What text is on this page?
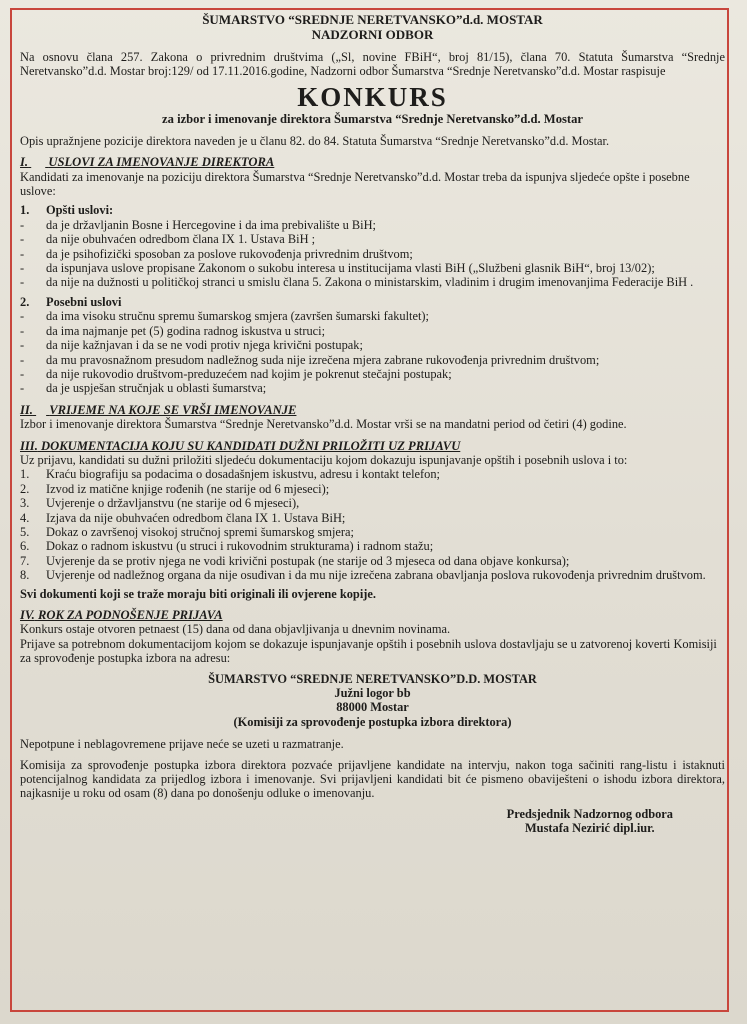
ŠUMARSTVO “SREDNJE NERETVANSKO”d.d. MOSTAR

NADZORNI ODBOR

Na osnovu člana 257. Zakona o privrednim društvima („Sl, novine FBiH“, broj 81/15), člana 70. Statuta Šumarstva “Srednje Neretvansko”d.d. Mostar broj:129/ od 17.11.2016.godine, Nadzorni odbor Šumarstva “Srednje Neretvansko”d.d. Mostar raspisuje

KONKURS

za izbor i imenovanje direktora Šumarstva “Srednje Neretvansko”d.d. Mostar

Opis upražnjene pozicije direktora naveden je u članu 82. do 84. Statuta Šumarstva “Srednje Neretvansko”d.d. Mostar.

I. USLOVI ZA IMENOVANJE DIREKTORA

Kandidati za imenovanje na poziciju direktora Šumarstva “Srednje Neretvansko”d.d. Mostar treba da ispunjva sljedeće opšte i posebne uslove:

1. Opšti uslovi:
-	da je državljanin Bosne i Hercegovine i da ima prebivalište u BiH;
-	da nije obuhvaćen odredbom člana IX 1. Ustava BiH ;
-	da je psihofizički sposoban za poslove rukovođenja privrednim društvom;
-	da ispunjava uslove propisane Zakonom o sukobu interesa u institucijama vlasti BiH („Službeni glasnik BiH“, broj 13/02);
-	da nije na dužnosti u političkoj stranci u smislu člana 5. Zakona o ministarskim, vladinim i drugim imenovanjima Federacije BiH .
2. Posebni uslovi
-	da ima visoku stručnu spremu šumarskog smjera (završen šumarski fakultet);
-	da ima najmanje pet (5) godina radnog iskustva u struci;
-	da nije kažnjavan i da se ne vodi protiv njega krivični postupak;
-	da mu pravosnažnom presudom nadležnog suda nije izrečena mjera zabrane rukovođenja privrednim društvom;
-	da nije rukovodio društvom-preduzećem nad kojim je pokrenut stečajni postupak;
-	da je uspješan stručnjak u oblasti šumarstva;
II. VRIJEME NA KOJE SE VRŠI IMENOVANJE

Izbor i imenovanje direktora Šumarstva “Srednje Neretvansko”d.d. Mostar vrši se na mandatni period od četiri (4) godine.

III. DOKUMENTACIJA KOJU SU KANDIDATI DUŽNI PRILOŽITI UZ PRIJAVU

Uz prijavu, kandidati su dužni priložiti sljedeću dokumentaciju kojom dokazuju ispunjavanje opštih i posebnih uslova i to:

1.	Kraću biografiju sa podacima o dosadašnjem iskustvu, adresu i kontakt telefon;
2.	Izvod iz matične knjige rođenih (ne starije od 6 mjeseci);
3.	Uvjerenje o državljanstvu (ne starije od 6 mjeseci),
4.	Izjava da nije obuhvaćen odredbom člana IX 1. Ustava BiH;
5.	Dokaz o završenoj visokoj stručnoj spremi šumarskog smjera;
6.	Dokaz o radnom iskustvu (u struci i rukovodnim strukturama) i radnom stažu;
7.	Uvjerenje da se protiv njega ne vodi krivični postupak (ne starije od 3 mjeseca od dana objave konkursa);
8.	Uvjerenje od nadležnog organa da nije osuđivan i da mu nije izrečena zabrana obavljanja poslova rukovođenja privrednim društvom.

Svi dokumenti koji se traže moraju biti originali ili ovjerene kopije.

IV. ROK ZA PODNOŠENJE PRIJAVA

Konkurs ostaje otvoren petnaest (15) dana od dana objavljivanja u dnevnim novinama.

Prijave sa potrebnom dokumentacijom kojom se dokazuje ispunjavanje opštih i posebnih uslova dostavljaju se u zatvorenoj koverti Komisiji za sprovođenje postupka izbora na adresu:

ŠUMARSTVO “SREDNJE NERETVANSKO”D.D. MOSTAR

Južni logor bb

88000 Mostar

(Komisiji za sprovođenje postupka izbora direktora)

Nepotpune i neblagovremene prijave neće se uzeti u razmatranje.

Komisija za sprovođenje postupka izbora direktora pozvaće prijavljene kandidate na intervju, nakon toga sačiniti rang-listu i istaknuti potencijalnog kandidata za prijedlog izbora i imenovanje. Svi prijavljeni kandidati bit će pismeno obaviješteni o ishodu izbora direktora, najkasnije u roku od osam (8) dana po donošenju odluke o imenovanju.

Predsjednik Nadzornog odbora

Mustafa Nezirić dipl.iur.
